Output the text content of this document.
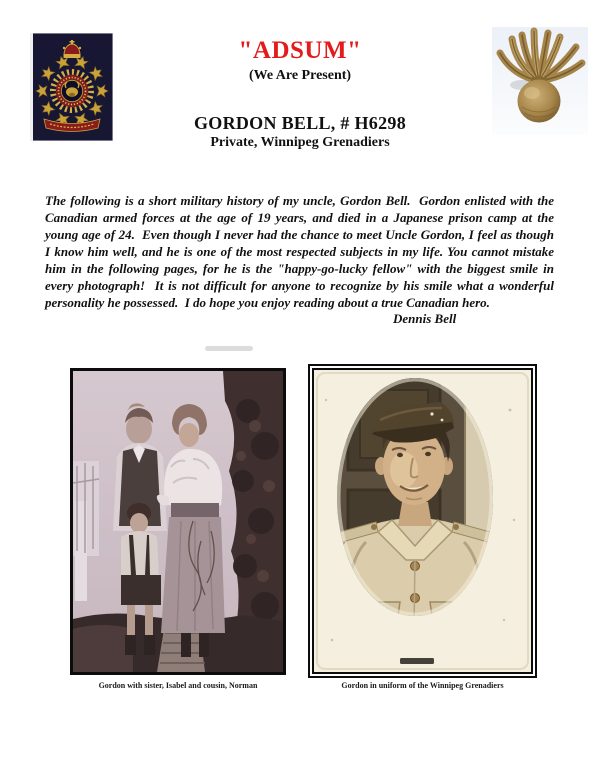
"ADSUM"
(We Are Present)
GORDON BELL, # H6298
Private, Winnipeg Grenadiers
The following is a short military history of my uncle, Gordon Bell.  Gordon enlisted with the Canadian armed forces at the age of 19 years, and died in a Japanese prison camp at the young age of 24.  Even though I never had the chance to meet Uncle Gordon, I feel as though I know him well, and he is one of the most respected subjects in my life. You cannot mistake him in the following pages, for he is the "happy-go-lucky fellow" with the biggest smile in every photograph!  It is not difficult for anyone to recognize by his smile what a wonderful personality he possessed.  I do hope you enjoy reading about a true Canadian hero.
Dennis Bell
Gordon with sister, Isabel and cousin, Norman	Gordon in uniform of the Winnipeg Grenadiers
